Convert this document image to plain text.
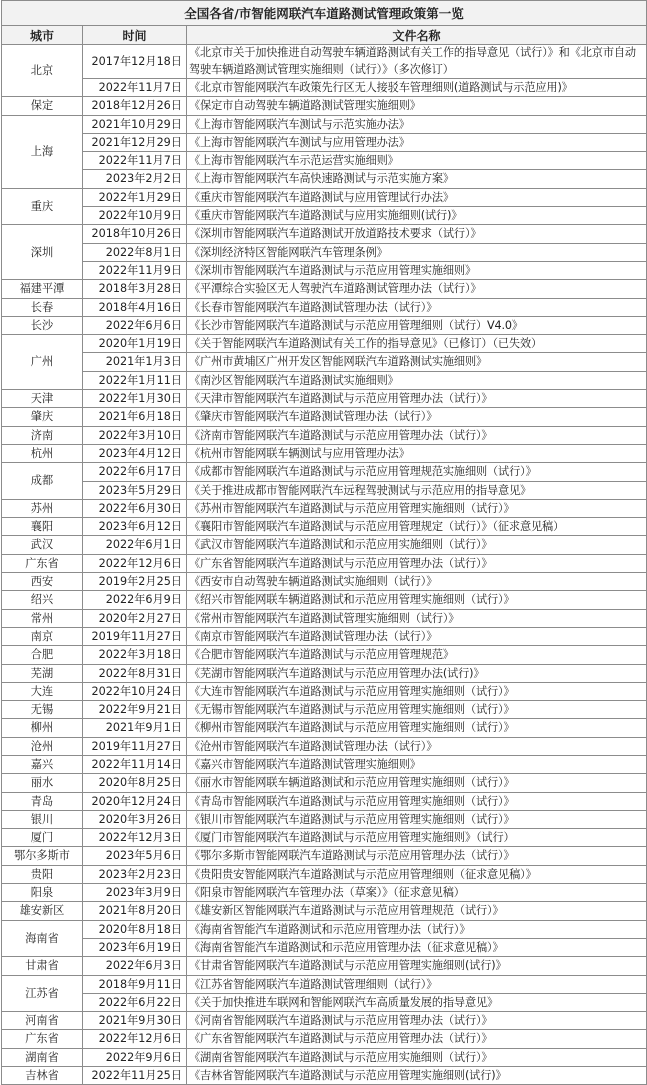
全国各省/市智能网联汽车道路测试管理政策第一览		
城市	时间	文件名称
北京	2017年12月18日	《北京市关于加快推进自动驾驶车辆道路测试有关工作的指导意见（试行）》和《北京市自动驾驶车辆道路测试管理实施细则（试行）》（多次修订）
	2022年11月7日	《北京市智能网联汽车政策先行区无人接驳车管理细则(道路测试与示范应用)》
保定	2018年12月26日	《保定市自动驾驶车辆道路测试管理实施细则》
上海	2021年10月29日	《上海市智能网联汽车测试与示范实施办法》
	2021年12月29日	《上海市智能网联汽车测试与应用管理办法》
	2022年11月7日	《上海市智能网联汽车示范运营实施细则》
	2023年2月2日	《上海市智能网联汽车高快速路测试与示范实施方案》
重庆	2022年1月29日	《重庆市智能网联汽车道路测试与应用管理试行办法》
	2022年10月9日	《重庆市智能网联汽车道路测试与应用实施细则(试行)》
深圳	2018年10月26日	《深圳市智能网联汽车道路测试开放道路技术要求（试行）》
	2022年8月1日	《深圳经济特区智能网联汽车管理条例》
	2022年11月9日	《深圳市智能网联汽车道路测试与示范应用管理实施细则》
福建平潭	2018年3月28日	《平潭综合实验区无人驾驶汽车道路测试管理办法（试行）》
长春	2018年4月16日	《长春市智能网联汽车道路测试管理办法（试行）》
长沙	2022年6月6日	《长沙市智能网联汽车道路测试与示范应用管理细则（试行）V4.0》
广州	2020年1月19日	《关于智能网联汽车道路测试有关工作的指导意见》（已修订）（已失效）
	2021年1月3日	《广州市黄埔区广州开发区智能网联汽车道路测试实施细则》
	2022年1月11日	《南沙区智能网联汽车道路测试实施细则》
天津	2022年1月30日	《天津市智能网联汽车道路测试与示范应用管理办法（试行）》
肇庆	2021年6月18日	《肇庆市智能网联汽车道路测试管理办法（试行）》
济南	2022年3月10日	《济南市智能网联汽车道路测试与示范应用管理办法（试行）》
杭州	2023年4月12日	《杭州市智能网联车辆测试与应用管理办法》
成都	2022年6月17日	《成都市智能网联汽车道路测试与示范应用管理规范实施细则（试行）》
	2023年5月29日	《关于推进成都市智能网联汽车远程驾驶测试与示范应用的指导意见》
苏州	2022年6月30日	《苏州市智能网联汽车道路测试与示范应用管理实施细则（试行）》
襄阳	2023年6月12日	《襄阳市智能网联汽车道路测试与示范应用管理规定（试行）》（征求意见稿）
武汉	2022年6月1日	《武汉市智能网联汽车道路测试和示范应用实施细则（试行）》
广东省	2022年12月6日	《广东省智能网联汽车道路测试与示范应用管理办法（试行）》
西安	2019年2月25日	《西安市自动驾驶车辆道路测试实施细则（试行）》
绍兴	2022年6月9日	《绍兴市智能网联车辆道路测试和示范应用管理实施细则（试行）》
常州	2020年2月27日	《常州市智能网联汽车道路测试管理实施细则（试行）》
南京	2019年11月27日	《南京市智能网联汽车道路测试管理办法（试行）》
合肥	2022年3月18日	《合肥市智能网联汽车道路测试与示范应用管理规范》
芜湖	2022年8月31日	《芜湖市智能网联汽车道路测试与示范应用管理办法(试行)》
大连	2022年10月24日	《大连市智能网联汽车道路测试与示范应用管理实施细则（试行）》
无锡	2022年9月21日	《无锡市智能网联汽车道路测试与示范应用管理实施细则（试行）》
柳州	2021年9月1日	《柳州市智能网联汽车道路测试与示范应用管理实施细则（试行）》
沧州	2019年11月27日	《沧州市智能网联汽车道路测试管理办法（试行）》
嘉兴	2022年11月14日	《嘉兴市智能网联汽车道路测试管理实施细则》
丽水	2020年8月25日	《丽水市智能网联车辆道路测试和示范应用管理实施细则（试行）》
青岛	2020年12月24日	《青岛市智能网联汽车道路测试与示范应用管理实施细则（试行）》
银川	2020年3月26日	《银川市智能网联汽车道路测试与示范应用管理实施细则（试行）》
厦门	2022年12月3日	《厦门市智能网联汽车道路测试与示范应用管理实施细则》（试行）
鄂尔多斯市	2023年5月6日	《鄂尔多斯市智能网联汽车道路测试与示范应用管理办法（试行）》
贵阳	2023年2月23日	《贵阳贵安智能网联汽车道路测试与示范应用管理细则（征求意见稿）》
阳泉	2023年3月9日	《阳泉市智能网联汽车管理办法（草案）》（征求意见稿）
雄安新区	2021年8月20日	《雄安新区智能网联汽车道路测试与示范应用管理规范（试行）》
海南省	2020年8月18日	《海南省智能汽车道路测试和示范应用管理办法（试行）》
	2023年6月19日	《海南省智能汽车道路测试和示范应用管理办法（征求意见稿）》
甘肃省	2022年6月3日	《甘肃省智能网联汽车道路测试与示范应用管理实施细则(试行)》
江苏省	2018年9月11日	《江苏省智能网联汽车道路测试管理细则（试行）》
	2022年6月22日	《关于加快推进车联网和智能网联汽车高质量发展的指导意见》
河南省	2021年9月30日	《河南省智能网联汽车道路测试与示范应用管理办法（试行）》
广东省	2022年12月6日	《广东省智能网联汽车道路测试与示范应用管理办法（试行）》
湖南省	2022年9月6日	《湖南省智能网联汽车道路测试与示范应用实施细则（试行）》
吉林省	2022年11月25日	《吉林省智能网联汽车道路测试与示范应用管理实施细则(试行)》
